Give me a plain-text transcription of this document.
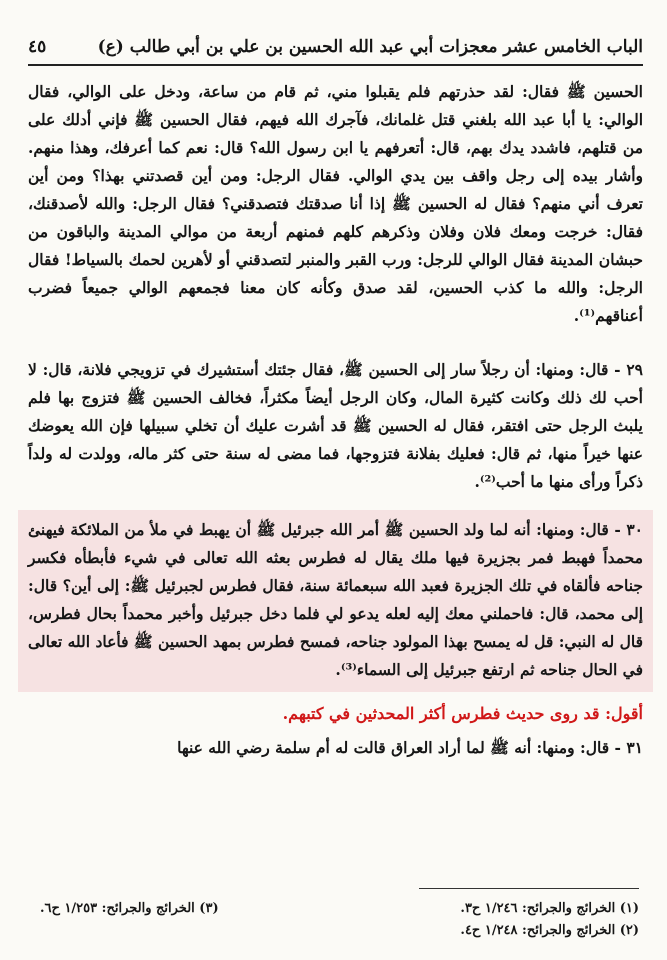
الباب الخامس عشر معجزات أبي عبد الله الحسين بن علي بن أبي طالب (ع)
٤٥

الحسين ﷺ فقال: لقد حذرتهم فلم يقبلوا مني، ثم قام من ساعة، ودخل على الوالي، فقال الوالي: يا أبا عبد الله بلغني قتل غلمانك، فآجرك الله فيهم، فقال الحسين ﷺ فإني أدلك على من قتلهم، فاشدد يدك بهم، قال: أتعرفهم يا ابن رسول الله؟ قال: نعم كما أعرفك، وهذا منهم. وأشار بيده إلى رجل واقف بين يدي الوالي. فقال الرجل: ومن أين قصدتني بهذا؟ ومن أين تعرف أني منهم؟ فقال له الحسين ﷺ إذا أنا صدقتك فتصدقني؟ فقال الرجل: والله لأصدقنك، فقال: خرجت ومعك فلان وفلان وذكرهم كلهم فمنهم أربعة من موالي المدينة والباقون من حبشان المدينة فقال الوالي للرجل: ورب القبر والمنبر لتصدقني أو لأهرين لحمك بالسياط! فقال الرجل: والله ما كذب الحسين، لقد صدق وكأنه كان معنا فجمعهم الوالي جميعاً فضرب أعناقهم⁽¹⁾.

٢٩ - قال: ومنها: أن رجلاً سار إلى الحسين ﷺ، فقال جئتك أستشيرك في تزويجي فلانة، قال: لا أحب لك ذلك وكانت كثيرة المال، وكان الرجل أيضاً مكثراً، فخالف الحسين ﷺ فتزوج بها فلم يلبث الرجل حتى افتقر، فقال له الحسين ﷺ قد أشرت عليك أن تخلي سبيلها فإن الله يعوضك عنها خيراً منها، ثم قال: فعليك بفلانة فتزوجها، فما مضى له سنة حتى كثر ماله، وولدت له ولداً ذكراً ورأى منها ما أحب⁽²⁾.

٣٠ - قال: ومنها: أنه لما ولد الحسين ﷺ أمر الله جبرئيل ﷺ أن يهبط في ملأ من الملائكة فيهنئ محمداً فهبط فمر بجزيرة فيها ملك يقال له فطرس بعثه الله تعالى في شيء فأبطأه فكسر جناحه فألقاه في تلك الجزيرة فعبد الله سبعمائة سنة، فقال فطرس لجبرئيل ﷺ: إلى أين؟ قال: إلى محمد، قال: فاحملني معك إليه لعله يدعو لي فلما دخل جبرئيل وأخبر محمداً بحال فطرس، قال له النبي: قل له يمسح بهذا المولود جناحه، فمسح فطرس بمهد الحسين ﷺ فأعاد الله تعالى في الحال جناحه ثم ارتفع جبرئيل إلى السماء⁽³⁾.

أقول: قد روى حديث فطرس أكثر المحدثين في كتبهم.

٣١ - قال: ومنها: أنه ﷺ لما أراد العراق قالت له أم سلمة رضي الله عنها

(١) الخرائج والجرائح: ١/٢٤٦ ح٣.
(٣) الخرائج والجرائح: ١/٢٥٣ ح٦.
(٢) الخرائج والجرائح: ١/٢٤٨ ح٤.
